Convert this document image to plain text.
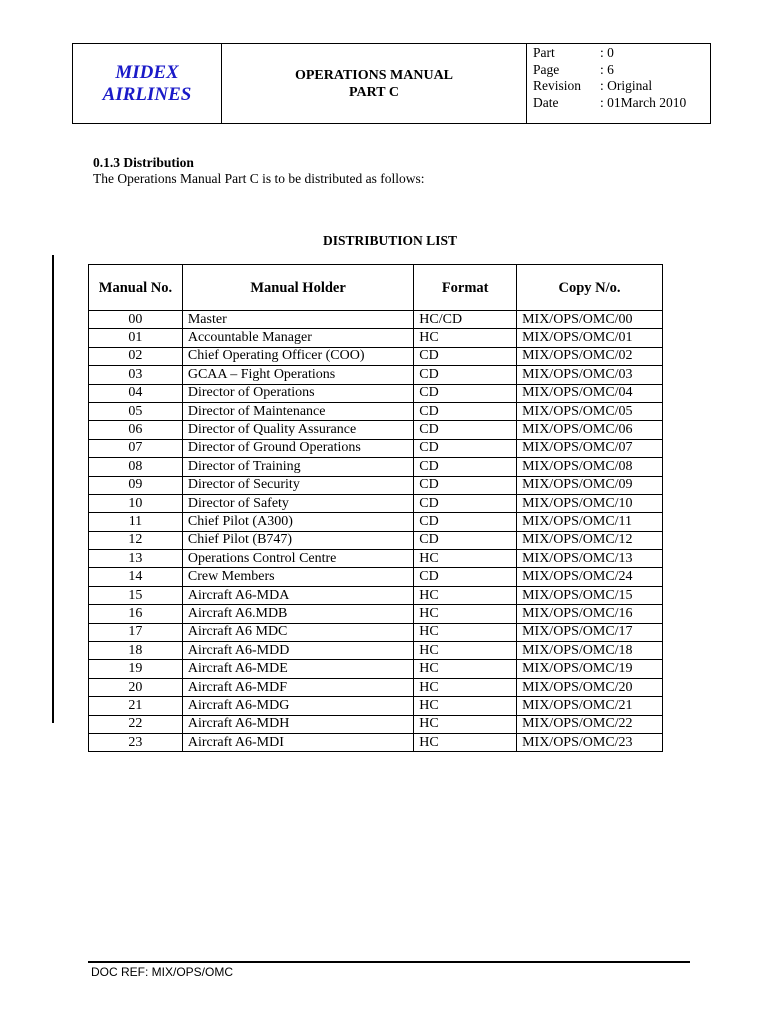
MIDEX
AIRLINES
OPERATIONS MANUAL
PART C
Part	: 0
Page	: 6
Revision	: Original
Date	: 01March 2010
0.1.3 Distribution
The Operations Manual Part C is to be distributed as follows:
DISTRIBUTION LIST
Manual No.	Manual Holder	Format	Copy N/o.
00	Master	HC/CD	MIX/OPS/OMC/00
01	Accountable Manager	HC	MIX/OPS/OMC/01
02	Chief Operating Officer (COO)	CD	MIX/OPS/OMC/02
03	GCAA – Fight Operations	CD	MIX/OPS/OMC/03
04	Director of Operations	CD	MIX/OPS/OMC/04
05	Director of Maintenance	CD	MIX/OPS/OMC/05
06	Director of Quality Assurance	CD	MIX/OPS/OMC/06
07	Director of Ground Operations	CD	MIX/OPS/OMC/07
08	Director of Training	CD	MIX/OPS/OMC/08
09	Director of Security	CD	MIX/OPS/OMC/09
10	Director of Safety	CD	MIX/OPS/OMC/10
11	Chief Pilot (A300)	CD	MIX/OPS/OMC/11
12	Chief Pilot (B747)	CD	MIX/OPS/OMC/12
13	Operations Control Centre	HC	MIX/OPS/OMC/13
14	Crew Members	CD	MIX/OPS/OMC/24
15	Aircraft A6-MDA	HC	MIX/OPS/OMC/15
16	Aircraft A6.MDB	HC	MIX/OPS/OMC/16
17	Aircraft A6 MDC	HC	MIX/OPS/OMC/17
18	Aircraft A6-MDD	HC	MIX/OPS/OMC/18
19	Aircraft A6-MDE	HC	MIX/OPS/OMC/19
20	Aircraft A6-MDF	HC	MIX/OPS/OMC/20
21	Aircraft A6-MDG	HC	MIX/OPS/OMC/21
22	Aircraft A6-MDH	HC	MIX/OPS/OMC/22
23	Aircraft A6-MDI	HC	MIX/OPS/OMC/23
DOC REF: MIX/OPS/OMC
